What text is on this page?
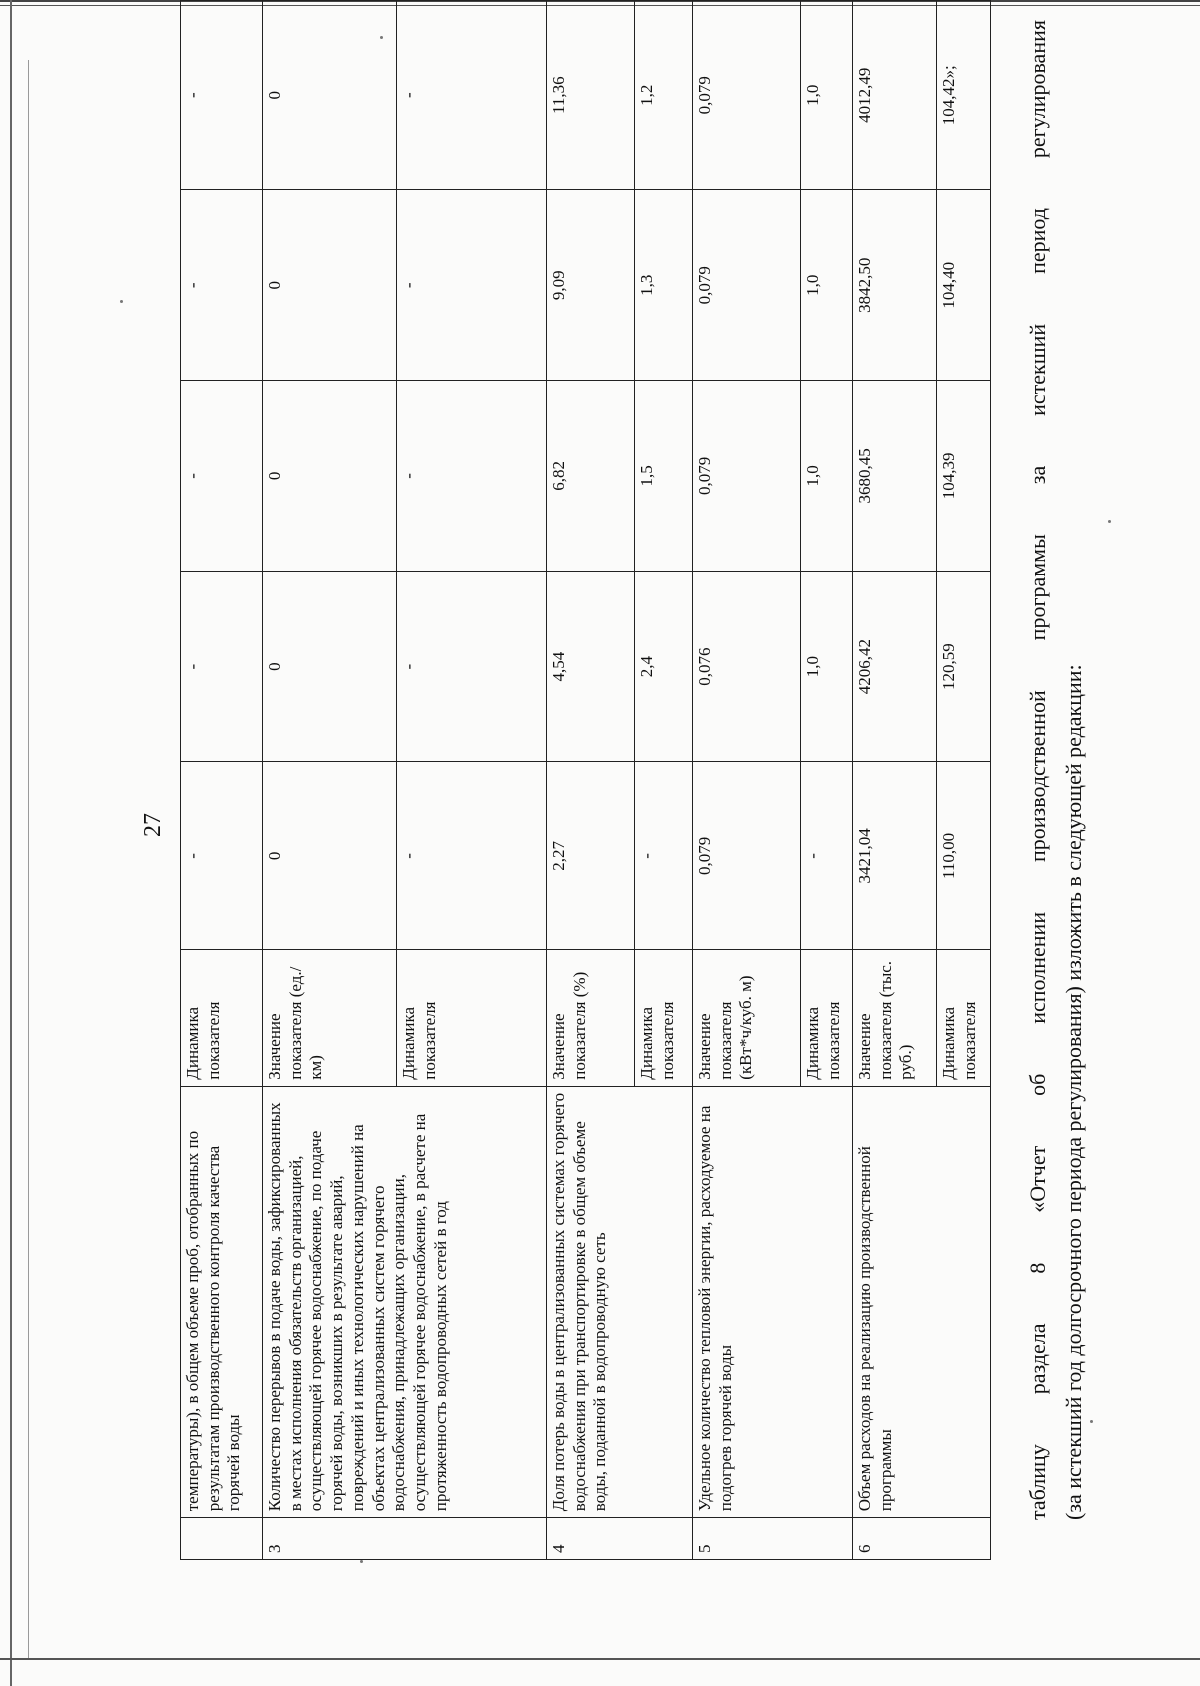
27
	температуры), в общем объеме проб, отобранных по результатам производственного контроля качества горячей воды	Динамика показателя	-	-	-	-	-
3	Количество перерывов в подаче воды, зафиксированных в местах исполнения обязательств организацией, осуществляющей горячее водоснабжение, по подаче горячей воды, возникших в результате аварий, повреждений и иных технологических нарушений на объектах централизованных систем горячего водоснабжения, принадлежащих организации, осуществляющей горячее водоснабжение, в расчете на протяженность водопроводных сетей в год	Значение показателя (ед./км)	0	0	0	0	0
		Динамика показателя	-	-	-	-	-
4	Доля потерь воды в централизованных системах горячего водоснабжения при транспортировке в общем объеме воды, поданной в водопроводную сеть	Значение показателя (%)	2,27	4,54	6,82	9,09	11,36
		Динамика показателя	-	2,4	1,5	1,3	1,2
5	Удельное количество тепловой энергии, расходуемое на подогрев горячей воды	Значение показателя (кВт*ч/куб. м)	0,079	0,076	0,079	0,079	0,079
		Динамика показателя	-	1,0	1,0	1,0	1,0
6	Объем расходов на реализацию производственной программы	Значение показателя (тыс. руб.)	3421,04	4206,42	3680,45	3842,50	4012,49
		Динамика показателя	110,00	120,59	104,39	104,40	104,42»;	таблицу раздела 8 «Отчет об исполнении производственной программы за истекший период регулирования (за истекший год долгосрочного периода регулирования) изложить в следующей редакции:
